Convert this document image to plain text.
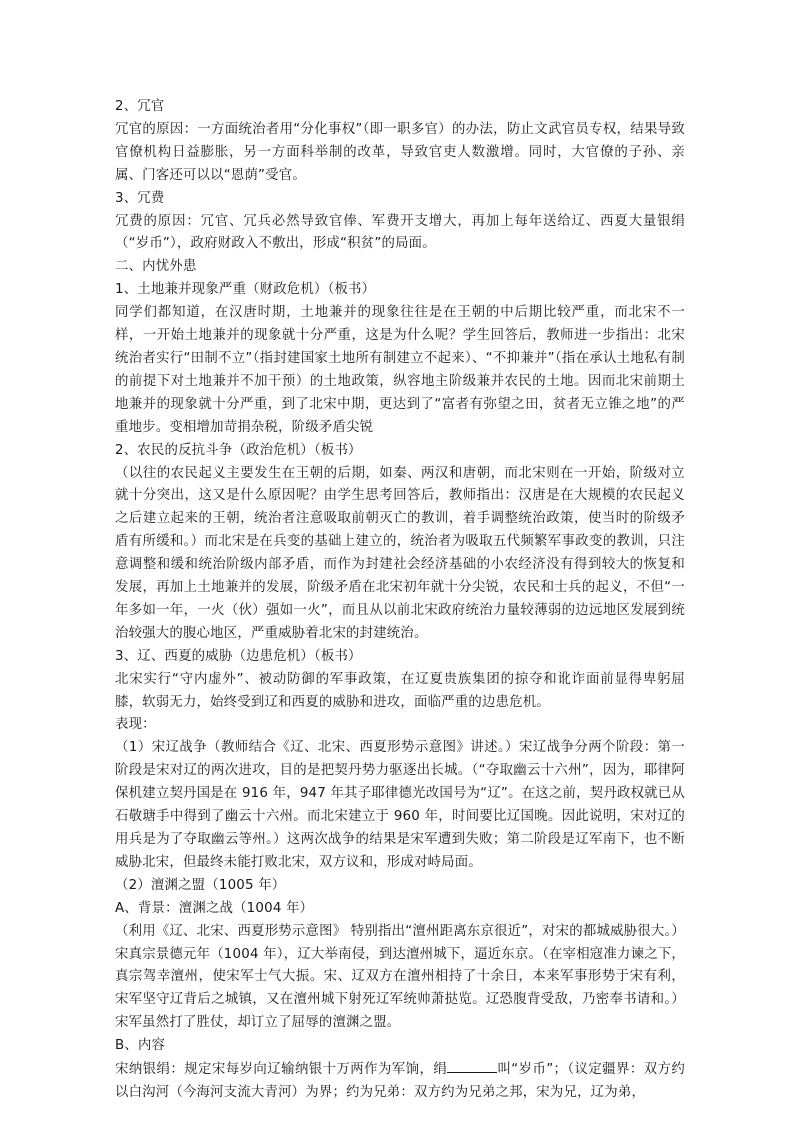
2、冗官

冗官的原因：一方面统治者用“分化事权”（即一职多官）的办法，防止文武官员专权，结果导致官僚机构日益膨胀，另一方面科举制的改革，导致官吏人数激增。同时，大官僚的子孙、亲属、门客还可以以“恩荫”受官。

3、冗费

冗费的原因：冗官、冗兵必然导致官俸、军费开支增大，再加上每年送给辽、西夏大量银绢（“岁币”），政府财政入不敷出，形成“积贫”的局面。

二、内忧外患

1、土地兼并现象严重（财政危机）（板书）

同学们都知道，在汉唐时期，土地兼并的现象往往是在王朝的中后期比较严重，而北宋不一样，一开始土地兼并的现象就十分严重，这是为什么呢？学生回答后，教师进一步指出：北宋统治者实行“田制不立”（指封建国家土地所有制建立不起来）、“不抑兼并”（指在承认土地私有制的前提下对土地兼并不加干预）的土地政策，纵容地主阶级兼并农民的土地。因而北宋前期土地兼并的现象就十分严重，到了北宋中期，更达到了“富者有弥望之田，贫者无立锥之地”的严重地步。变相增加苛捐杂税，阶级矛盾尖锐

2、农民的反抗斗争（政治危机）（板书）

（以往的农民起义主要发生在王朝的后期，如秦、两汉和唐朝，而北宋则在一开始，阶级对立就十分突出，这又是什么原因呢？由学生思考回答后，教师指出：汉唐是在大规模的农民起义之后建立起来的王朝，统治者注意吸取前朝灭亡的教训，着手调整统治政策，使当时的阶级矛盾有所缓和。）而北宋是在兵变的基础上建立的，统治者为吸取五代频繁军事政变的教训，只注意调整和缓和统治阶级内部矛盾，而作为封建社会经济基础的小农经济没有得到较大的恢复和发展，再加上土地兼并的发展，阶级矛盾在北宋初年就十分尖锐，农民和士兵的起义，不但“一年多如一年，一火（伙）强如一火”，而且从以前北宋政府统治力量较薄弱的边远地区发展到统治较强大的腹心地区，严重威胁着北宋的封建统治。

3、辽、西夏的威胁（边患危机）（板书）

北宋实行“守内虚外”、被动防御的军事政策，在辽夏贵族集团的掠夺和讹诈面前显得卑躬屈膝，软弱无力，始终受到辽和西夏的威胁和进攻，面临严重的边患危机。

表现：

（1）宋辽战争（教师结合《辽、北宋、西夏形势示意图》讲述。）宋辽战争分两个阶段：第一阶段是宋对辽的两次进攻，目的是把契丹势力驱逐出长城。（“夺取幽云十六州”，因为，耶律阿保机建立契丹国是在 916 年，947 年其子耶律德光改国号为“辽”。在这之前，契丹政权就已从石敬瑭手中得到了幽云十六州。而北宋建立于 960 年，时间要比辽国晚。因此说明，宋对辽的用兵是为了夺取幽云等州。）这两次战争的结果是宋军遭到失败；第二阶段是辽军南下，也不断威胁北宋，但最终未能打败北宋，双方议和，形成对峙局面。

（2）澶渊之盟（1005 年）

A、背景：澶渊之战（1004 年）

（利用《辽、北宋、西夏形势示意图》 特别指出“澶州距离东京很近”，对宋的都城威胁很大。）宋真宗景德元年（1004 年），辽大举南侵，到达澶州城下，逼近东京。（在宰相寇准力谏之下，真宗驾幸澶州，使宋军士气大振。宋、辽双方在澶州相持了十余日，本来军事形势于宋有利，宋军坚守辽背后之城镇，又在澶州城下射死辽军统帅萧挞览。辽恐腹背受敌，乃密奉书请和。）宋军虽然打了胜仗，却订立了屈辱的澶渊之盟。

B、内容

宋纳银绢：规定宋每岁向辽输纳银十万两作为军饷，绢	叫“岁币”；（议定疆界：双方约以白沟河（今海河支流大青河）为界；约为兄弟：双方约为兄弟之邦，宋为兄，辽为弟，
